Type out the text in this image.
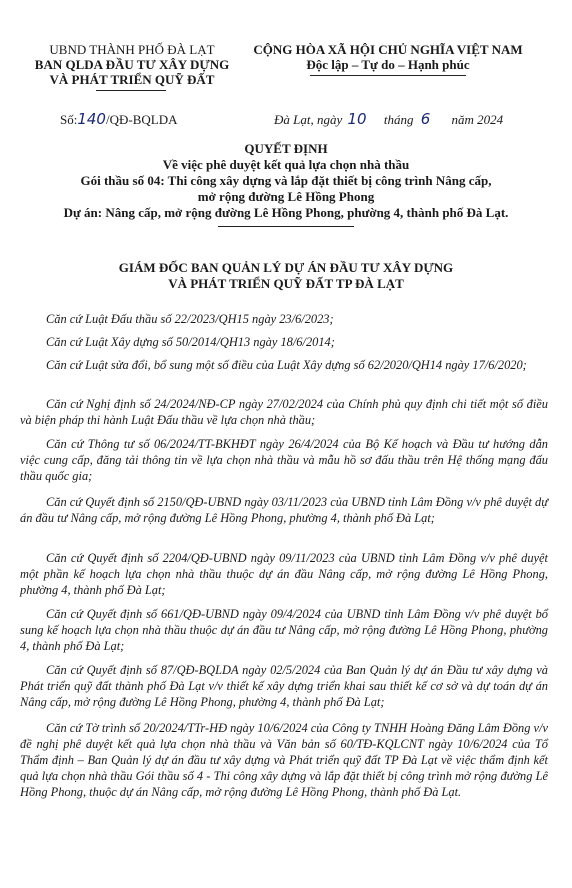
UBND THÀNH PHỐ ĐÀ LẠT
BAN QLDA ĐẦU TƯ XÂY DỰNG
VÀ PHÁT TRIỂN QUỸ ĐẤT
CỘNG HÒA XÃ HỘI CHỦ NGHĨA VIỆT NAM
Độc lập – Tự do – Hạnh phúc
Số:140/QĐ-BQLDA	Đà Lạt, ngày 10 tháng 6 năm 2024
QUYẾT ĐỊNH
Về việc phê duyệt kết quả lựa chọn nhà thầu
Gói thầu số 04: Thi công xây dựng và lắp đặt thiết bị công trình Nâng cấp,
mở rộng đường Lê Hồng Phong
Dự án: Nâng cấp, mở rộng đường Lê Hồng Phong, phường 4, thành phố Đà Lạt.
GIÁM ĐỐC BAN QUẢN LÝ DỰ ÁN ĐẦU TƯ XÂY DỰNG
VÀ PHÁT TRIỂN QUỸ ĐẤT TP ĐÀ LẠT
Căn cứ Luật Đấu thầu số 22/2023/QH15 ngày 23/6/2023;
Căn cứ Luật Xây dựng số 50/2014/QH13 ngày 18/6/2014;
Căn cứ Luật sửa đổi, bổ sung một số điều của Luật Xây dựng số 62/2020/QH14 ngày 17/6/2020;
Căn cứ Nghị định số 24/2024/NĐ-CP ngày 27/02/2024 của Chính phủ quy định chi tiết một số điều và biện pháp thi hành Luật Đấu thầu về lựa chọn nhà thầu;
Căn cứ Thông tư số 06/2024/TT-BKHĐT ngày 26/4/2024 của Bộ Kế hoạch và Đầu tư hướng dẫn việc cung cấp, đăng tải thông tin về lựa chọn nhà thầu và mẫu hồ sơ đấu thầu trên Hệ thống mạng đấu thầu quốc gia;
Căn cứ Quyết định số 2150/QĐ-UBND ngày 03/11/2023 của UBND tỉnh Lâm Đồng v/v phê duyệt dự án đầu tư Nâng cấp, mở rộng đường Lê Hồng Phong, phường 4, thành phố Đà Lạt;
Căn cứ Quyết định số 2204/QĐ-UBND ngày 09/11/2023 của UBND tỉnh Lâm Đồng v/v phê duyệt một phần kế hoạch lựa chọn nhà thầu thuộc dự án đầu Nâng cấp, mở rộng đường Lê Hồng Phong, phường 4, thành phố Đà Lạt;
Căn cứ Quyết định số 661/QĐ-UBND ngày 09/4/2024 của UBND tỉnh Lâm Đồng v/v phê duyệt bổ sung kế hoạch lựa chọn nhà thầu thuộc dự án đầu tư Nâng cấp, mở rộng đường Lê Hồng Phong, phường 4, thành phố Đà Lạt;
Căn cứ Quyết định số 87/QĐ-BQLDA ngày 02/5/2024 của Ban Quản lý dự án Đầu tư xây dựng và Phát triển quỹ đất thành phố Đà Lạt v/v thiết kế xây dựng triển khai sau thiết kế cơ sở và dự toán dự án Nâng cấp, mở rộng đường Lê Hồng Phong, phường 4, thành phố Đà Lạt;
Căn cứ Tờ trình số 20/2024/TTr-HĐ ngày 10/6/2024 của Công ty TNHH Hoàng Đăng Lâm Đồng v/v đề nghị phê duyệt kết quả lựa chọn nhà thầu và Văn bản số 60/TĐ-KQLCNT ngày 10/6/2024 của Tổ Thẩm định – Ban Quản lý dự án đầu tư xây dựng và Phát triển quỹ đất TP Đà Lạt về việc thẩm định kết quả lựa chọn nhà thầu Gói thầu số 4 - Thi công xây dựng và lắp đặt thiết bị công trình mở rộng đường Lê Hồng Phong, thuộc dự án Nâng cấp, mở rộng đường Lê Hồng Phong, thành phố Đà Lạt.
